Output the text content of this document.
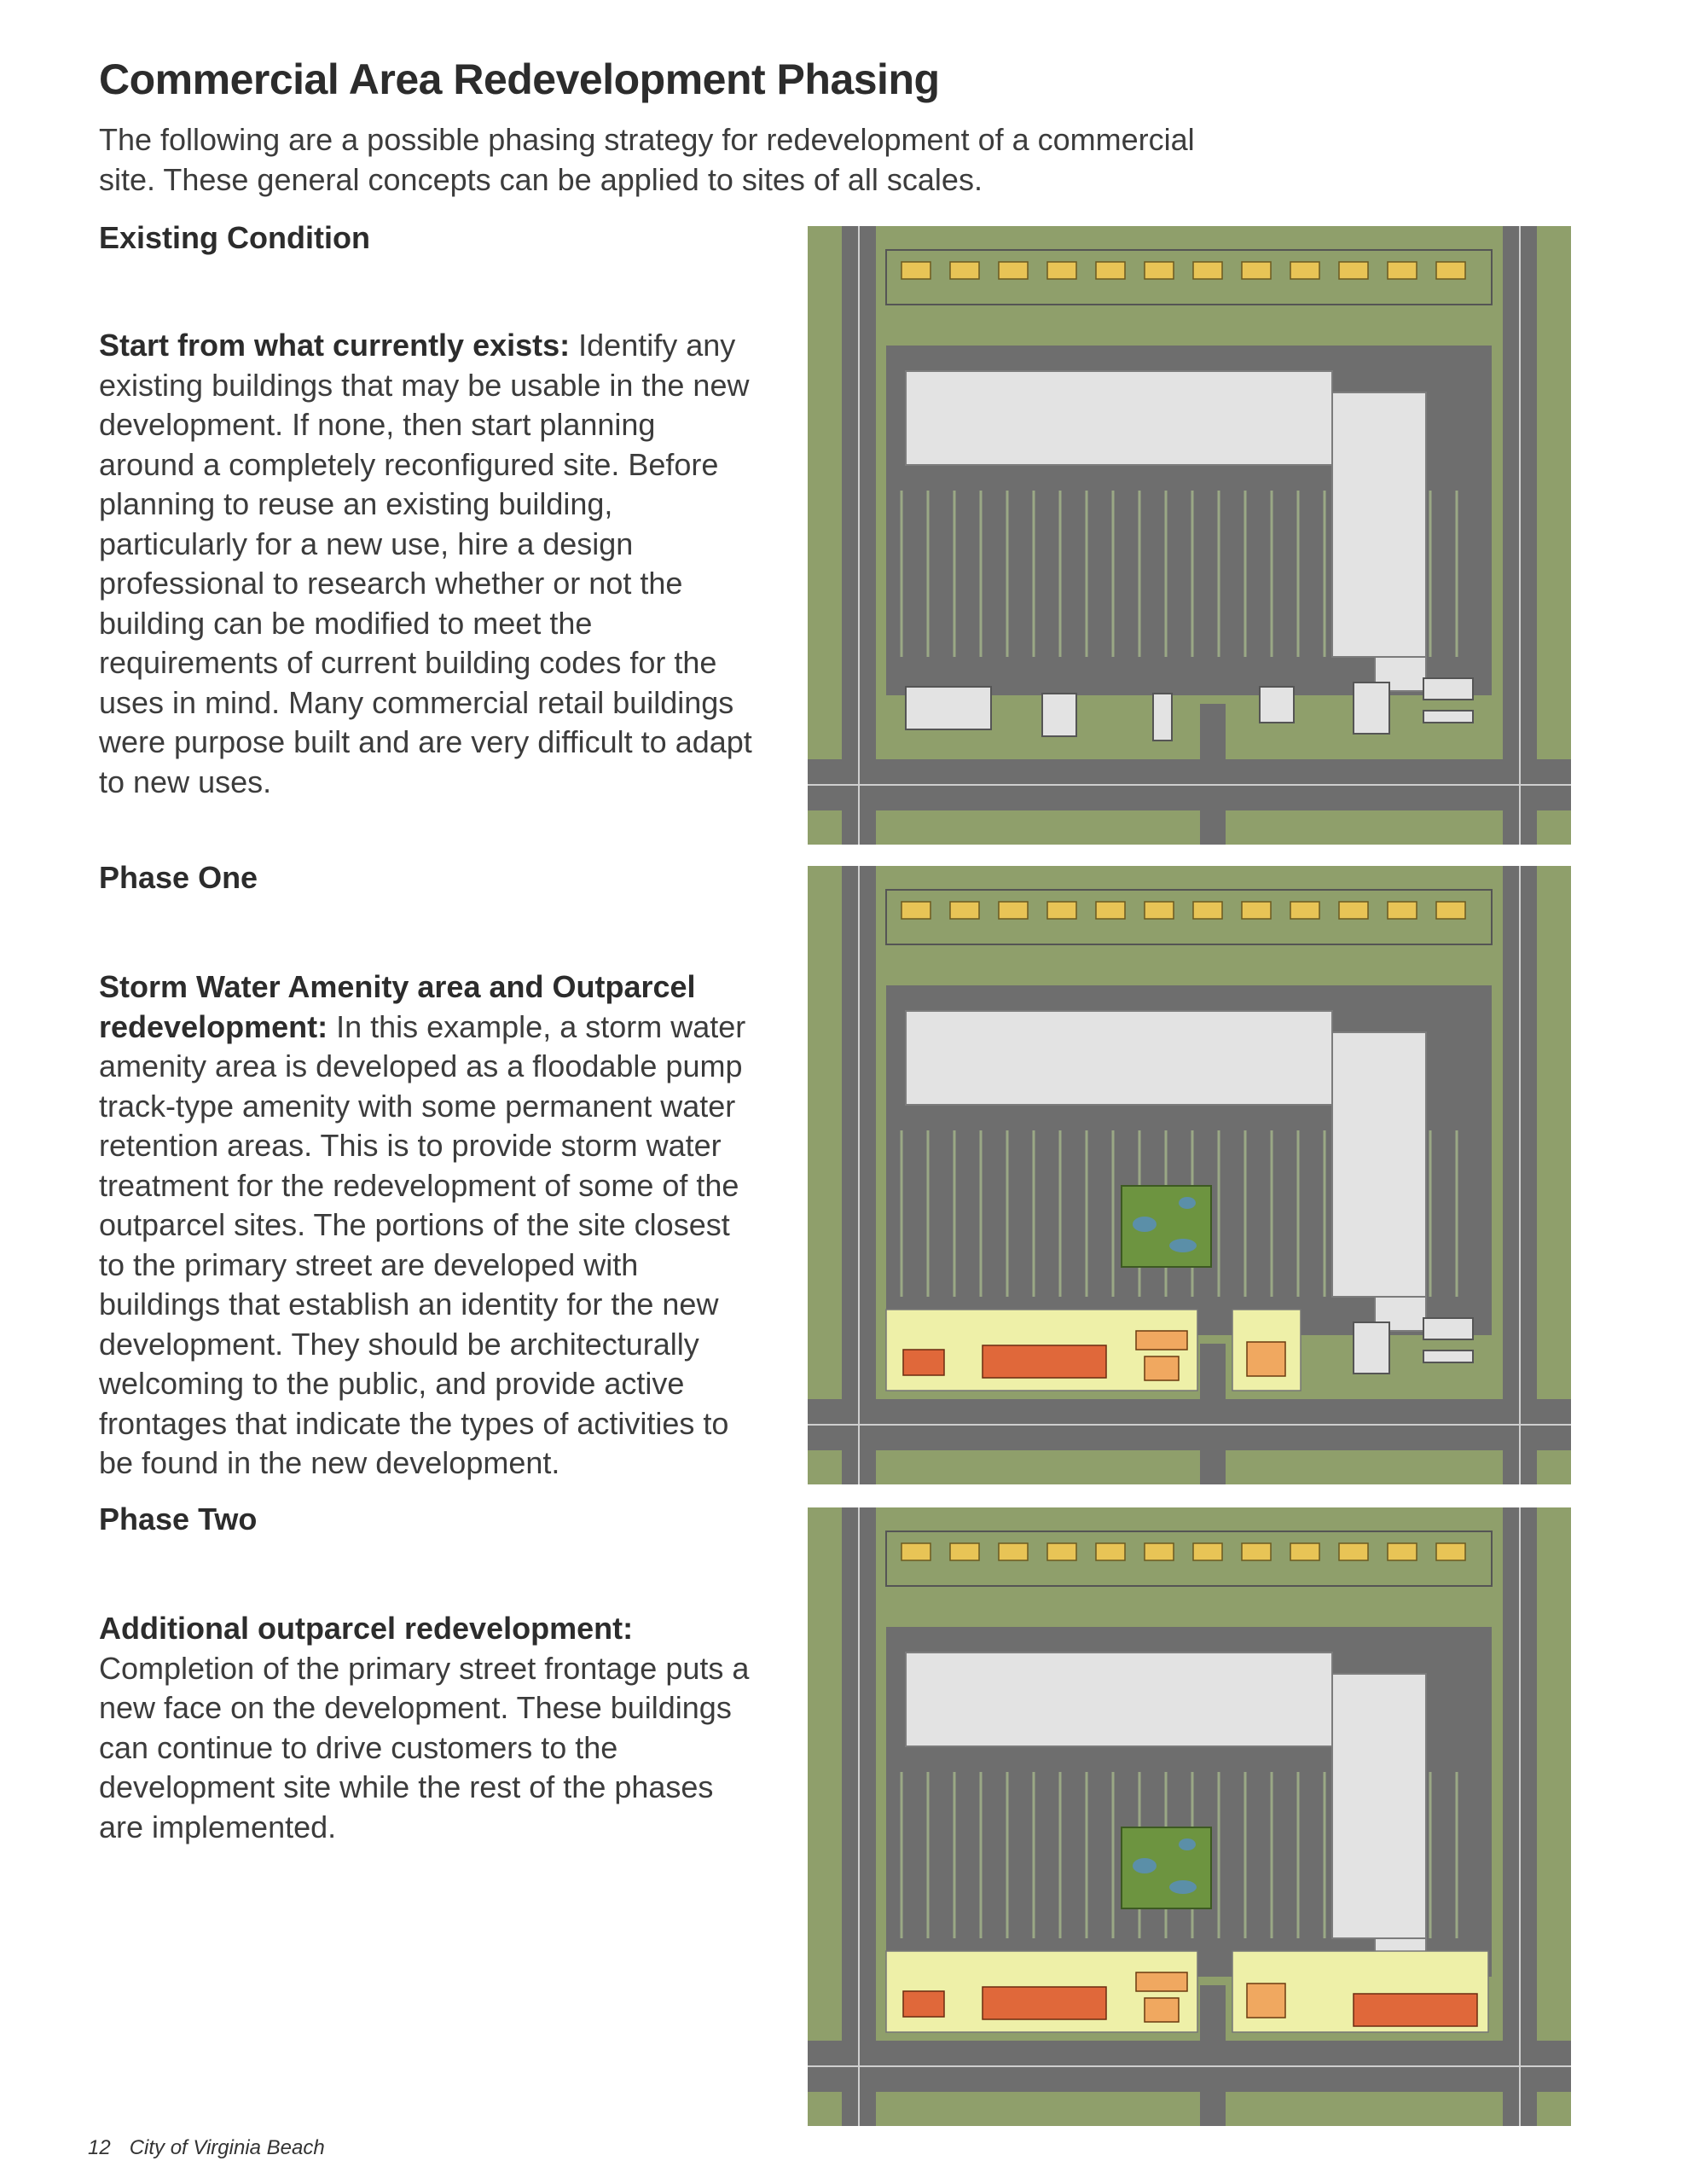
Commercial Area Redevelopment Phasing

The following are a possible phasing strategy for redevelopment of a commercial site. These general concepts can be applied to sites of all scales.

Existing Condition

Start from what currently exists: Identify any existing buildings that may be usable in the new development. If none, then start planning around a completely reconfigured site. Before planning to reuse an existing building, particularly for a new use, hire a design professional to research whether or not the building can be modified to meet the requirements of current building codes for the uses in mind. Many commercial retail buildings were purpose built and are very difficult to adapt to new uses.

Phase One

Storm Water Amenity area and Outparcel redevelopment: In this example, a storm water amenity area is developed as a floodable pump track-type amenity with some permanent water retention areas. This is to provide storm water treatment for the redevelopment of some of the outparcel sites. The portions of the site closest to the primary street are developed with buildings that establish an identity for the new development. They should be architecturally welcoming to the public, and provide active frontages that indicate the types of activities to be found in the new development.

Phase Two

Additional outparcel redevelopment: Completion of the primary street frontage puts a new face on the development. These buildings can continue to drive customers to the development site while the rest of the phases are implemented.

12 City of Virginia Beach
